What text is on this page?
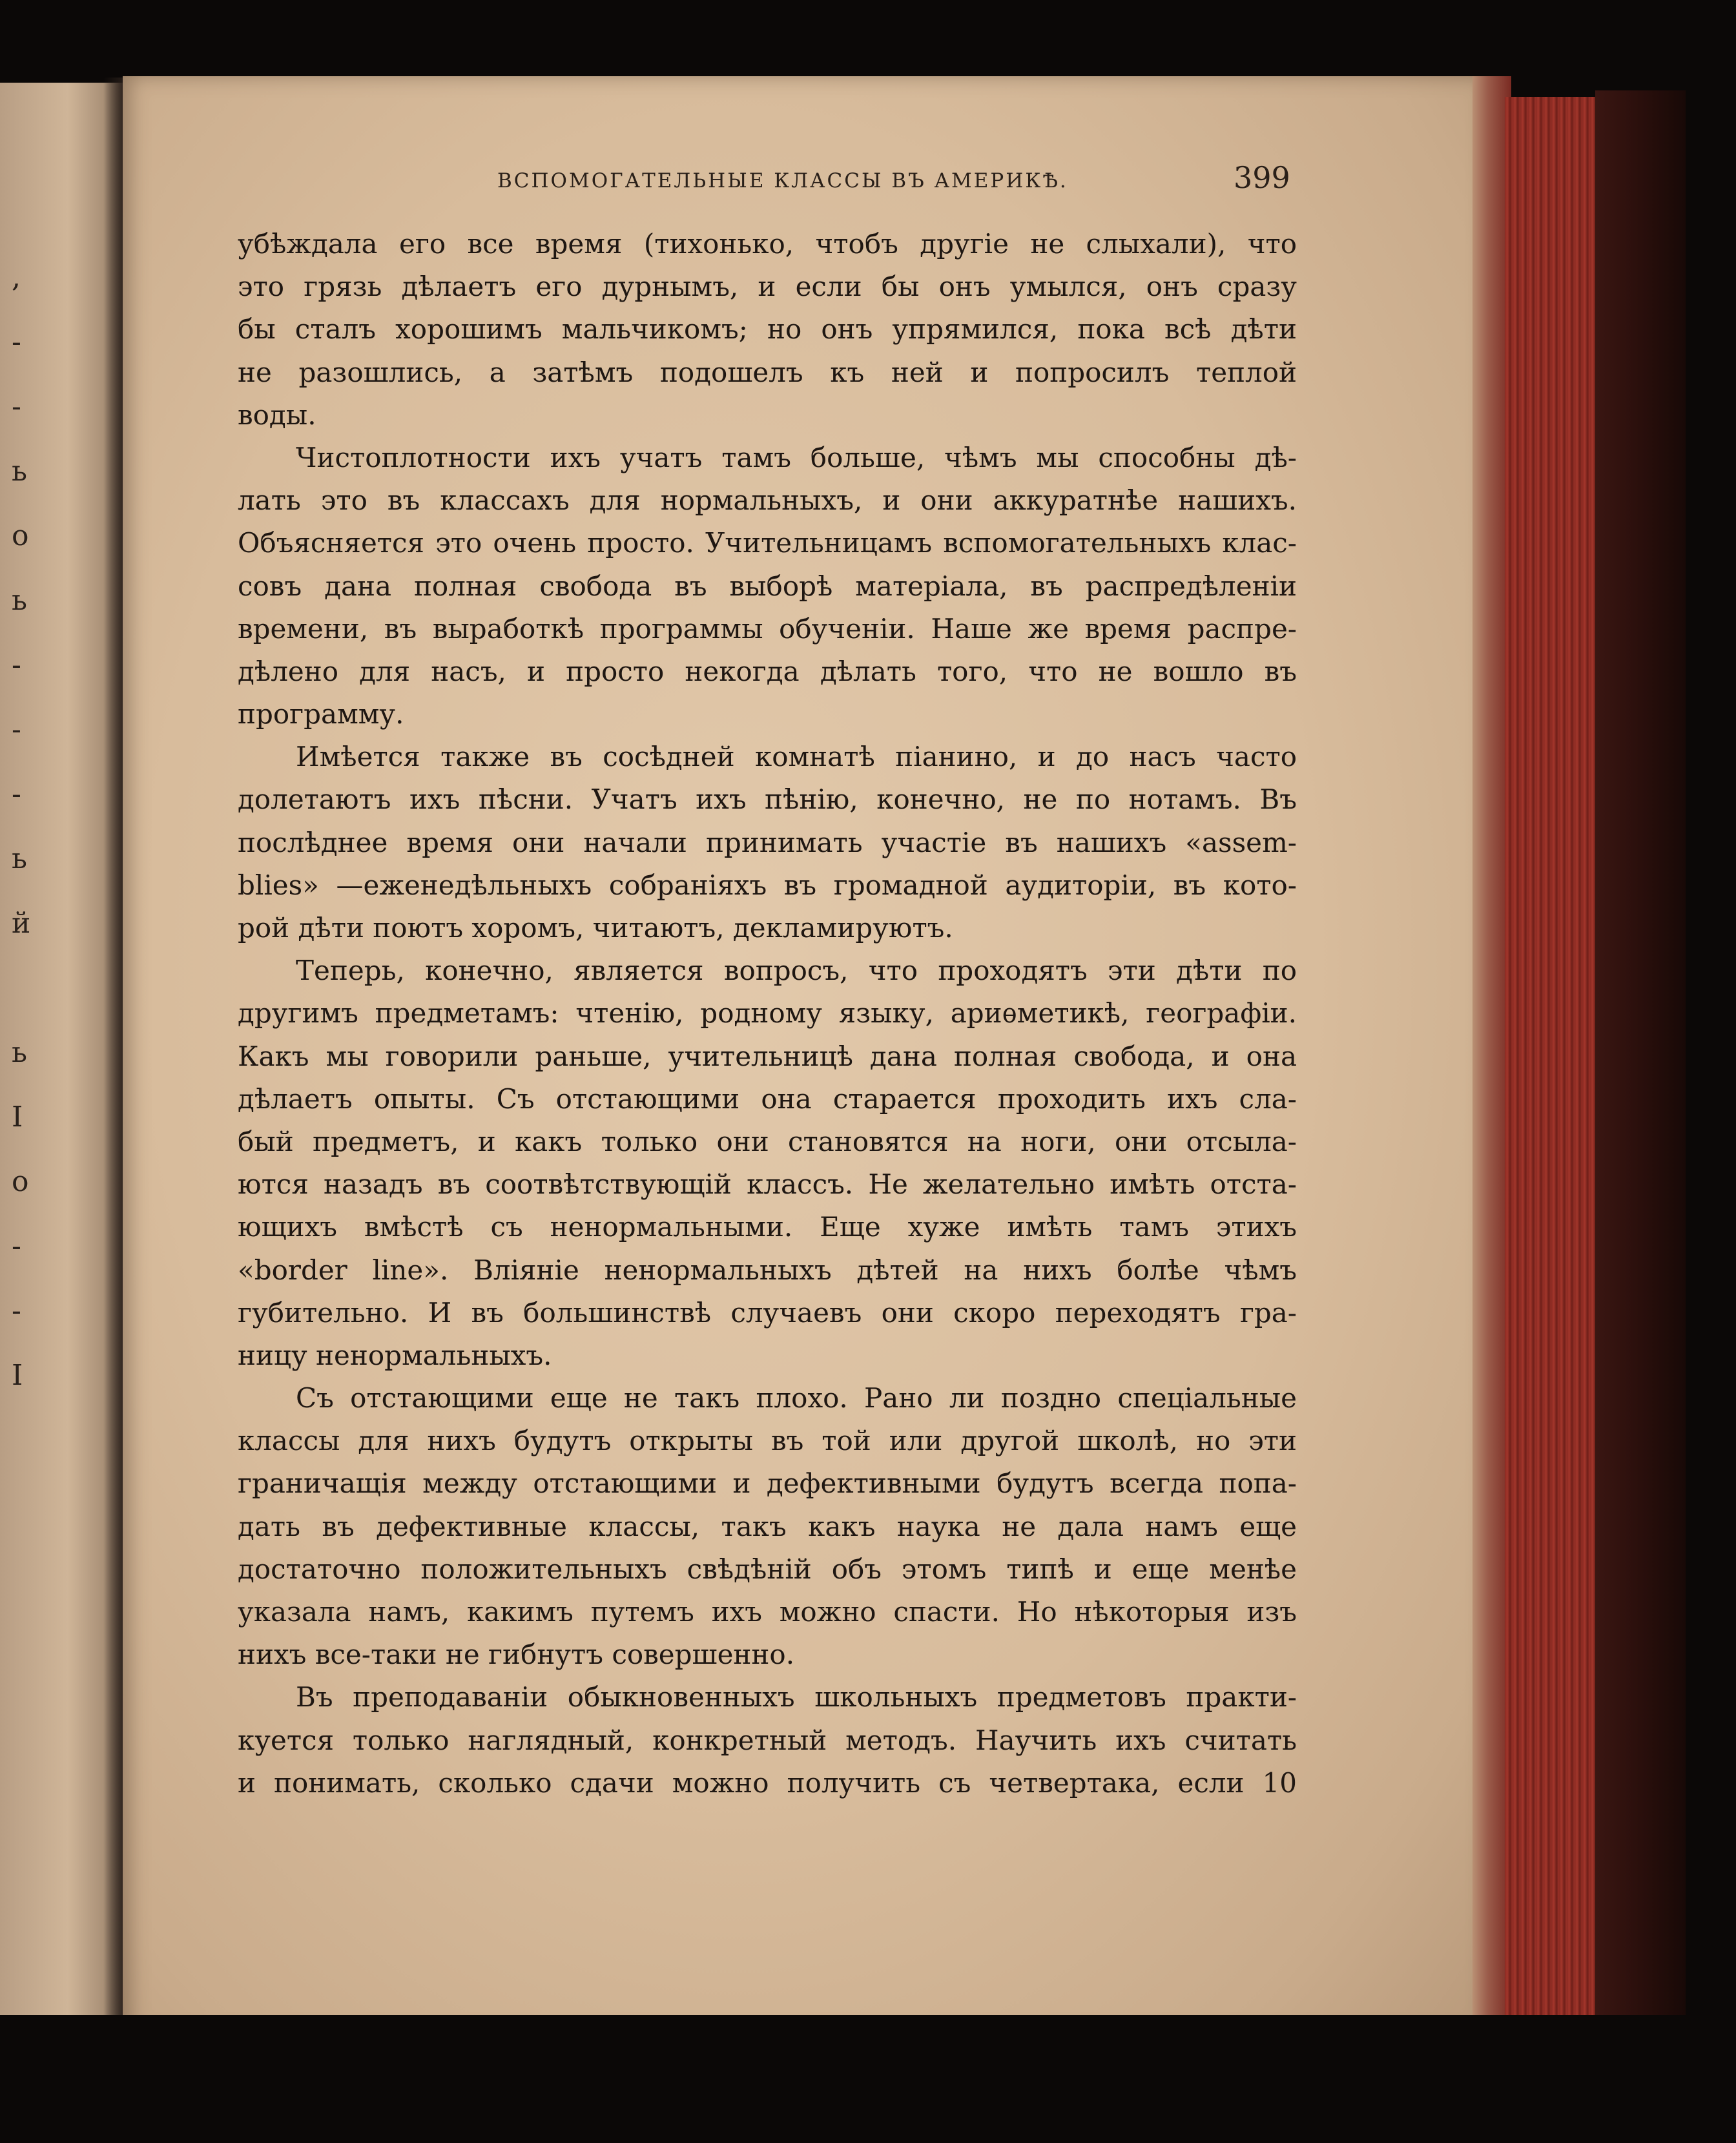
,
-
-
ь
о
ь
-
-
-
ь
й
ь
I
о
-
-
I
ВСПОМОГАТЕЛЬНЫЕ КЛАССЫ ВЪ АМЕРИКѢ.	399
убѣждала его все время (тихонько, чтобъ другіе не слыхали), что
это грязь дѣлаетъ его дурнымъ, и если бы онъ умылся, онъ сразу
бы сталъ хорошимъ мальчикомъ; но онъ упрямился, пока всѣ дѣти
не разошлись, а затѣмъ подошелъ къ ней и попросилъ теплой
воды.
Чистоплотности ихъ учатъ тамъ больше, чѣмъ мы способны дѣ-
лать это въ классахъ для нормальныхъ, и они аккуратнѣе нашихъ.
Объясняется это очень просто. Учительницамъ вспомогательныхъ клас-
совъ дана полная свобода въ выборѣ матеріала, въ распредѣленіи
времени, въ выработкѣ программы обученіи. Наше же время распре-
дѣлено для насъ, и просто некогда дѣлать того, что не вошло въ
программу.
Имѣется также въ сосѣдней комнатѣ піанино, и до насъ часто
долетаютъ ихъ пѣсни. Учатъ ихъ пѣнію, конечно, не по нотамъ. Въ
послѣднее время они начали принимать участіе въ нашихъ «assem-
blies» —еженедѣльныхъ собраніяхъ въ громадной аудиторіи, въ кото-
рой дѣти поютъ хоромъ, читаютъ, декламируютъ.
Теперь, конечно, является вопросъ, что проходятъ эти дѣти по
другимъ предметамъ: чтенію, родному языку, ариѳметикѣ, географіи.
Какъ мы говорили раньше, учительницѣ дана полная свобода, и она
дѣлаетъ опыты. Съ отстающими она старается проходить ихъ сла-
бый предметъ, и какъ только они становятся на ноги, они отсыла-
ются назадъ въ соотвѣтствующій классъ. Не желательно имѣть отста-
ющихъ вмѣстѣ съ ненормальными. Еще хуже имѣть тамъ этихъ
«border line». Вліяніе ненормальныхъ дѣтей на нихъ болѣе чѣмъ
губительно. И въ большинствѣ случаевъ они скоро переходятъ гра-
ницу ненормальныхъ.
Съ отстающими еще не такъ плохо. Рано ли поздно спеціальные
классы для нихъ будутъ открыты въ той или другой школѣ, но эти
граничащія между отстающими и дефективными будутъ всегда попа-
дать въ дефективные классы, такъ какъ наука не дала намъ еще
достаточно положительныхъ свѣдѣній объ этомъ типѣ и еще менѣе
указала намъ, какимъ путемъ ихъ можно спасти. Но нѣкоторыя изъ
нихъ все-таки не гибнутъ совершенно.
Въ преподаваніи обыкновенныхъ школьныхъ предметовъ практи-
куется только наглядный, конкретный методъ. Научить ихъ считать
и понимать, сколько сдачи можно получить съ четвертака, если 10
